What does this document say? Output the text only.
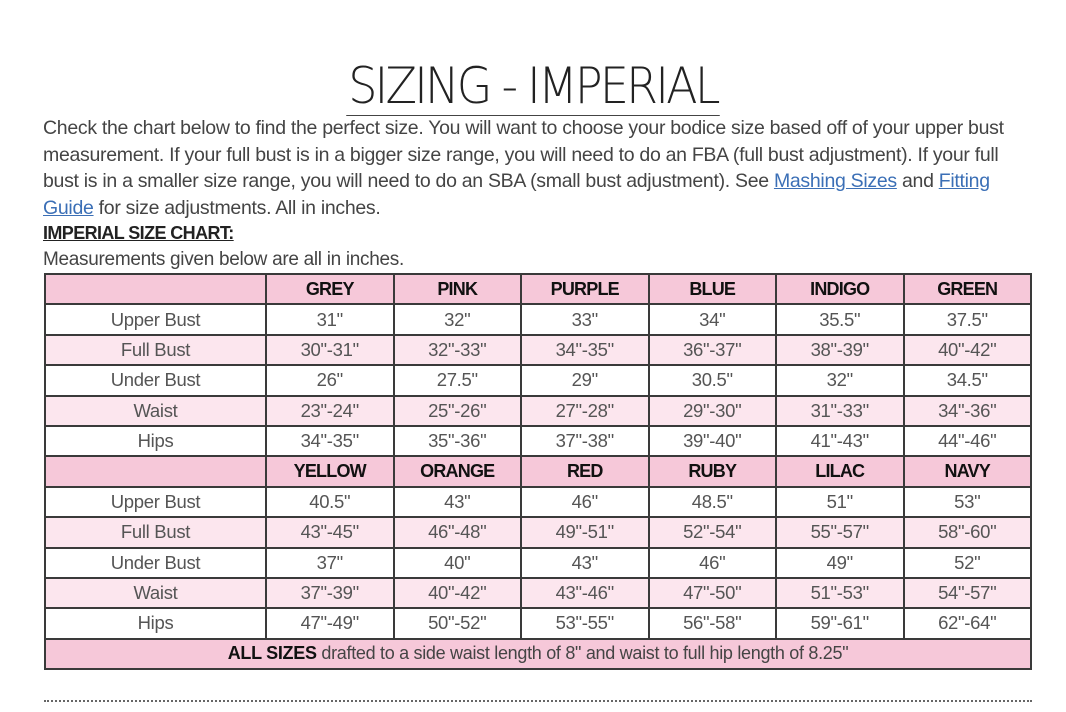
SIZING - IMPERIAL
Check the chart below to find the perfect size. You will want to choose your bodice size based off of your upper bust measurement. If your full bust is in a bigger size range, you will need to do an FBA (full bust adjustment). If your full bust is in a smaller size range, you will need to do an SBA (small bust adjustment). See Mashing Sizes and Fitting Guide for size adjustments. All in inches.
IMPERIAL SIZE CHART:
Measurements given below are all in inches.
	GREY	PINK	PURPLE	BLUE	INDIGO	GREEN
Upper Bust	31"	32"	33"	34"	35.5"	37.5"
Full Bust	30"-31"	32"-33"	34"-35"	36"-37"	38"-39"	40"-42"
Under Bust	26"	27.5"	29"	30.5"	32"	34.5"
Waist	23"-24"	25"-26"	27"-28"	29"-30"	31"-33"	34"-36"
Hips	34"-35"	35"-36"	37"-38"	39"-40"	41"-43"	44"-46"
	YELLOW	ORANGE	RED	RUBY	LILAC	NAVY
Upper Bust	40.5"	43"	46"	48.5"	51"	53"
Full Bust	43"-45"	46"-48"	49"-51"	52"-54"	55"-57"	58"-60"
Under Bust	37"	40"	43"	46"	49"	52"
Waist	37"-39"	40"-42"	43"-46"	47"-50"	51"-53"	54"-57"
Hips	47"-49"	50"-52"	53"-55"	56"-58"	59"-61"	62"-64"
ALL SIZES drafted to a side waist length of 8" and waist to full hip length of 8.25"						
